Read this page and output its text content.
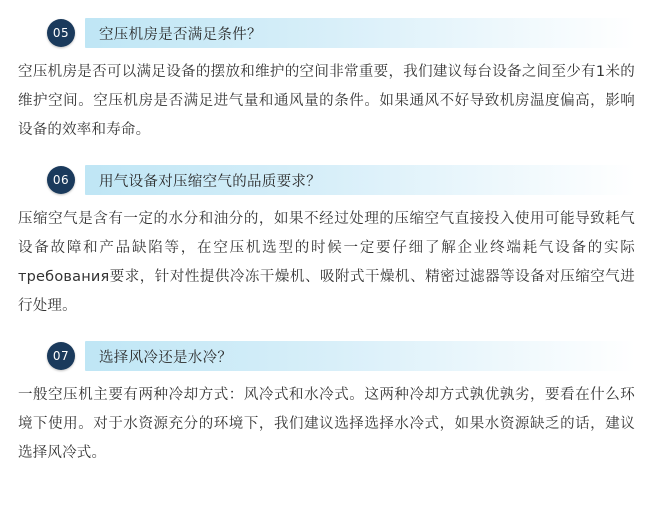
05	空压机房是否满足条件？
空压机房是否可以满足设备的摆放和维护的空间非常重要，我们建议每台设备之间至少有1米的维护空间。空压机房是否满足进气量和通风量的条件。如果通风不好导致机房温度偏高，影响设备的效率和寿命。
06	用气设备对压缩空气的品质要求？
压缩空气是含有一定的水分和油分的，如果不经过处理的压缩空气直接投入使用可能导致耗气设备故障和产品缺陷等，在空压机选型的时候一定要仔细了解企业终端耗气设备的实际требования要求，针对性提供冷冻干燥机、吸附式干燥机、精密过滤器等设备对压缩空气进行处理。
07	选择风冷还是水冷？
一般空压机主要有两种冷却方式：风冷式和水冷式。这两种冷却方式孰优孰劣，要看在什么环境下使用。对于水资源充分的环境下，我们建议选择选择水冷式，如果水资源缺乏的话，建议选择风冷式。
